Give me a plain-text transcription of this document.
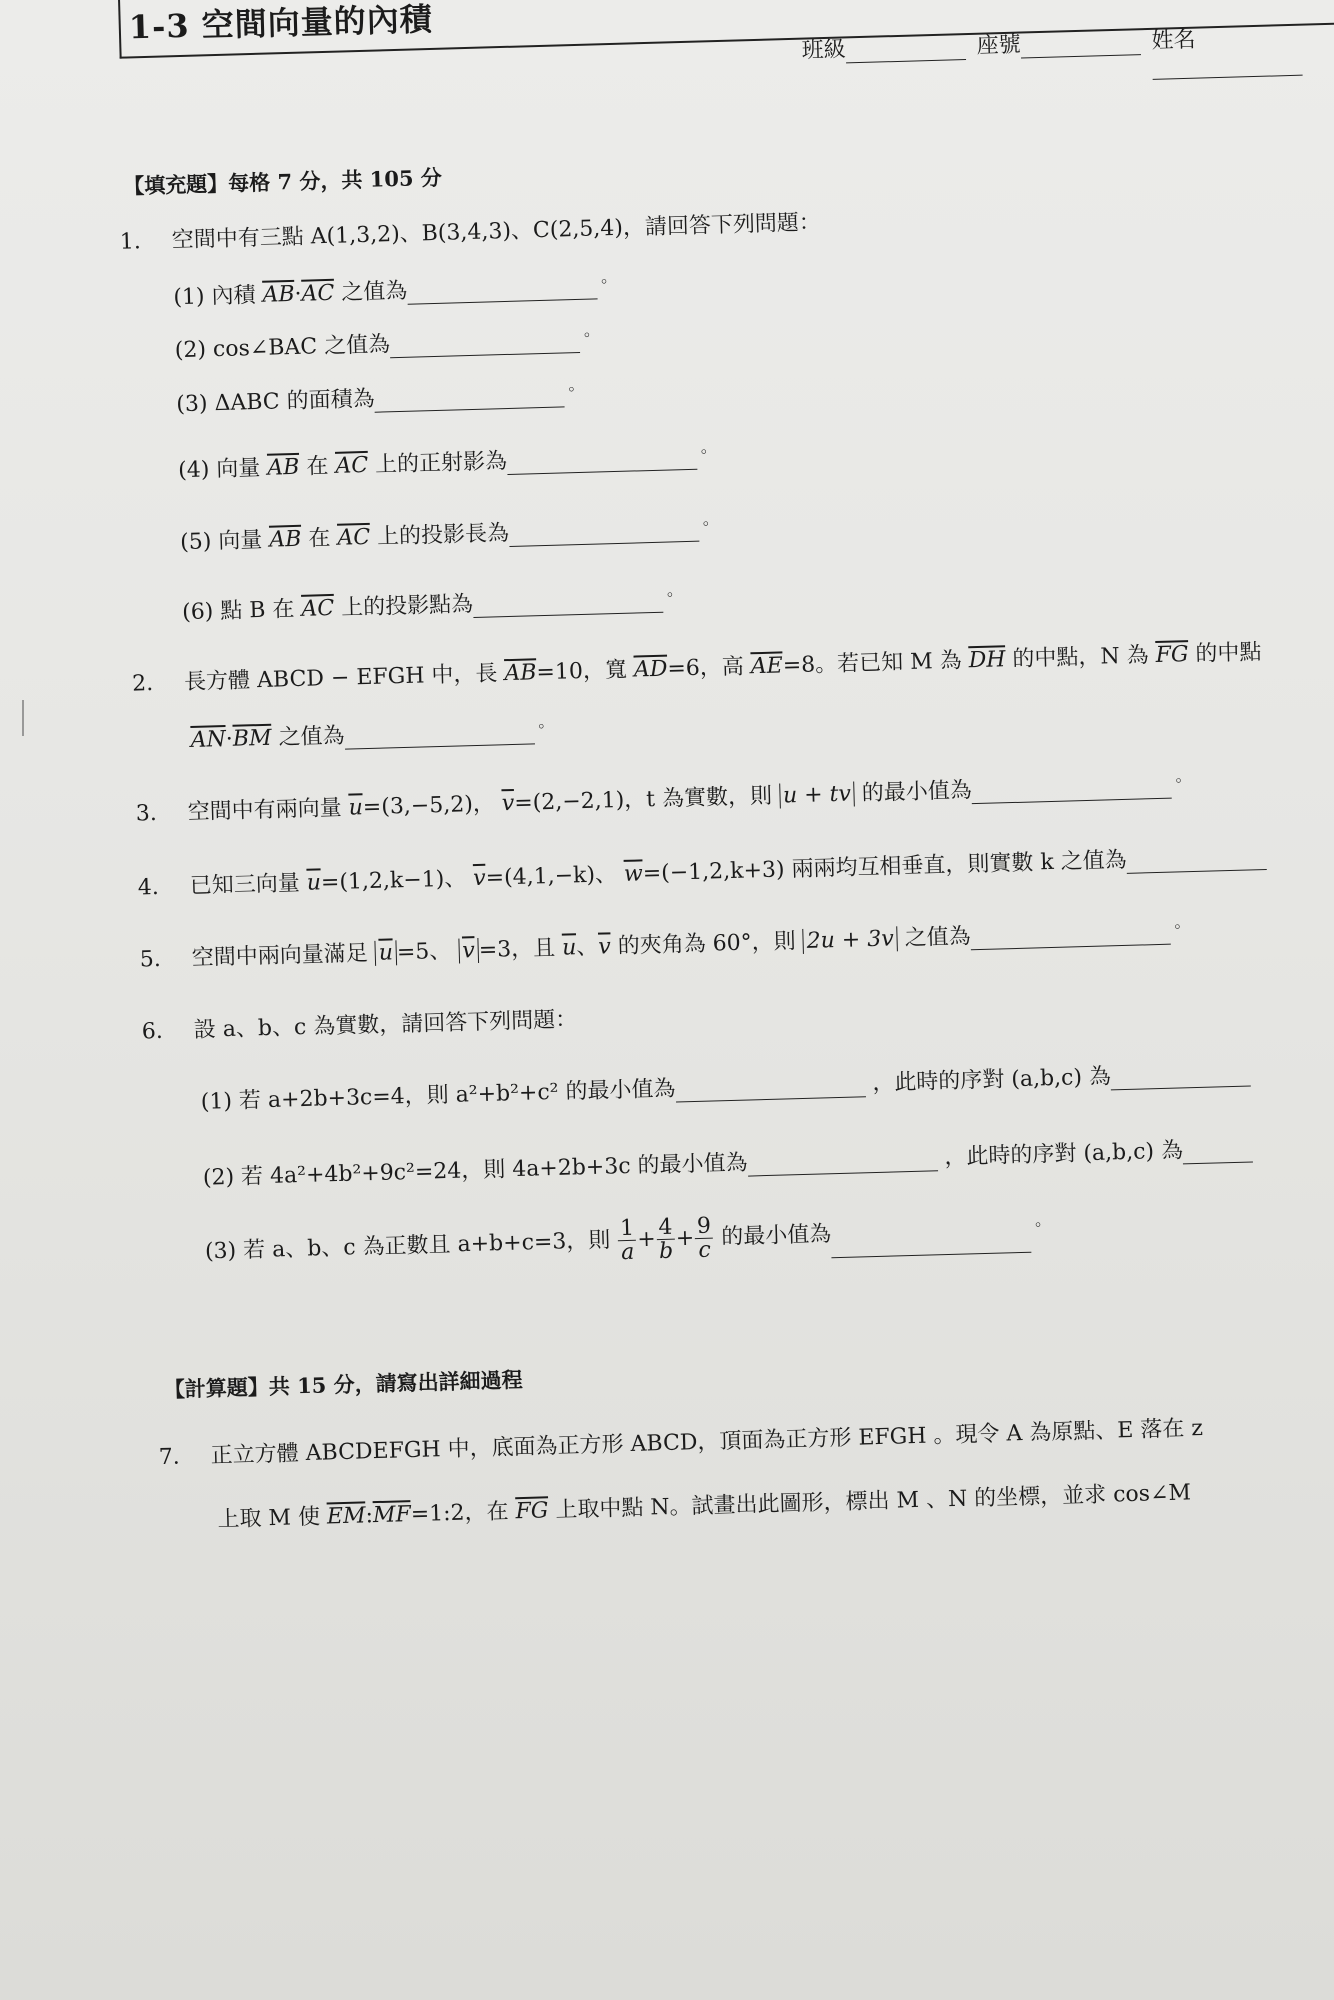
1-3 空間向量的內積
班級	座號	姓名
【填充題】每格 7 分，共 105 分
1. 空間中有三點 A(1,3,2)、B(3,4,3)、C(2,5,4)，請回答下列問題：
(1) 內積 $\overline{AB}\cdot\overline{AC}$ 之值為。
(2) cos∠BAC 之值為。
(3) ΔABC 的面積為。
(4) 向量 $\overline{AB}$ 在 $\overline{AC}$ 上的正射影為。
(5) 向量 $\overline{AB}$ 在 $\overline{AC}$ 上的投影長為。
(6) 點 B 在 $\overline{AC}$ 上的投影點為。
2. 長方體 ABCD − EFGH 中，長 $\overline{AB}=10$，寬 $\overline{AD}=6$，高 $\overline{AE}=8$。若已知 M 為 $\overline{DH}$ 的中點，N 為 $\overline{FG}$ 的中點
$\overline{AN}\cdot\overline{BM}$ 之值為。
3. 空間中有兩向量 $\overline{u}=(3,-5,2)$， $\overline{v}=(2,-2,1)$，t 為實數，則 u + tv 的最小值為。
4. 已知三向量 $\overline{u}=(1,2,k-1)$、 $\overline{v}=(4,1,-k)$、 $\overline{w}=(-1,2,k+3)$ 兩兩均互相垂直，則實數 k 之值為
5. 空間中兩向量滿足 $\overline{u} =5$、 $\overline{v} =3$，且 $\overline{u}$、$\overline{v}$ 的夾角為 60°，則 2u + 3v 之值為。
6. 設 a、b、c 為實數，請回答下列問題：
(1) 若 a+2b+3c=4，則 a²+b²+c² 的最小值為	，此時的序對 (a,b,c) 為
(2) 若 4a²+4b²+9c²=24，則 4a+2b+3c 的最小值為	，此時的序對 (a,b,c) 為
(3) 若 a、b、c 為正數且 a+b+c=3，則 $\frac{1}{a} + \frac{4}{b} + \frac{9}{c}$ 的最小值為。
【計算題】共 15 分，請寫出詳細過程
7. 正立方體 ABCDEFGH 中，底面為正方形 ABCD，頂面為正方形 EFGH 。現令 A 為原點、E 落在 z
上取 M 使 $\overline{EM}:\overline{MF}=1:2$，在 $\overline{FG}$ 上取中點 N。試畫出此圖形，標出 M 、N 的坐標，並求 cos∠M
